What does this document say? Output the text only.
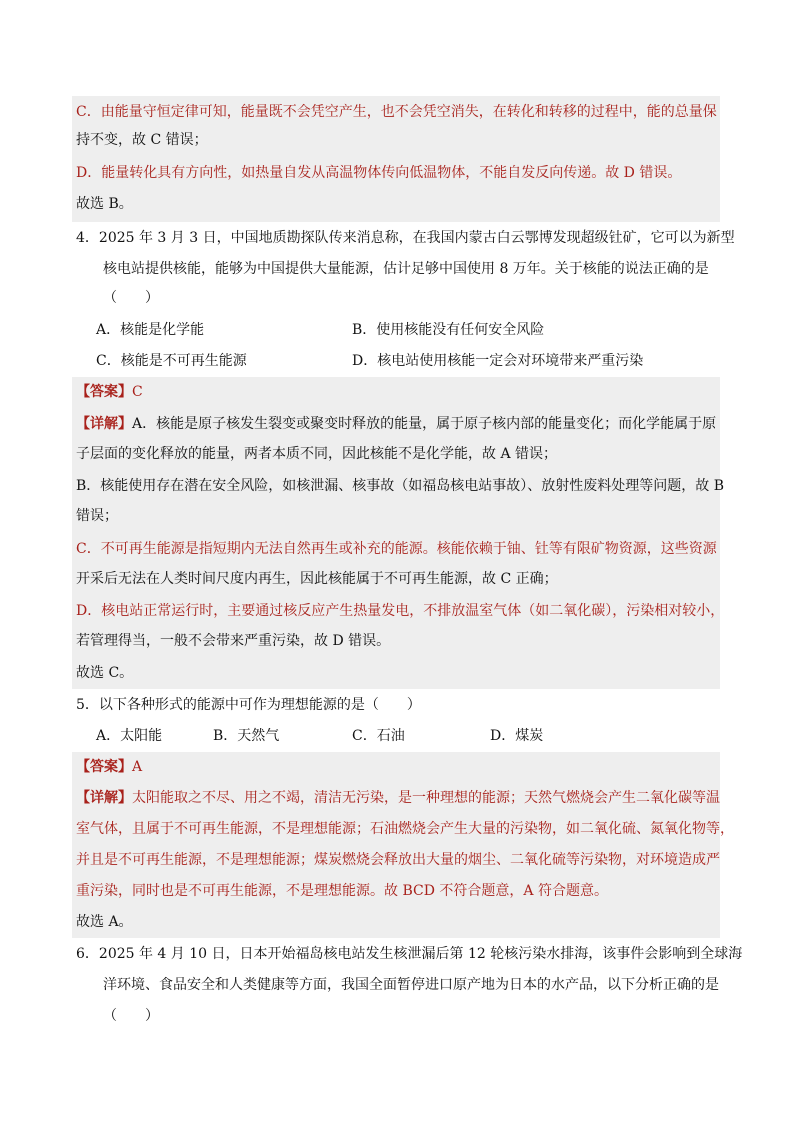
C．由能量守恒定律可知，能量既不会凭空产生，也不会凭空消失，在转化和转移的过程中，能的总量保
持不变，故 C 错误；
D．能量转化具有方向性，如热量自发从高温物体传向低温物体，不能自发反向传递。故 D 错误。
故选 B。
4．2025 年 3 月 3 日，中国地质勘探队传来消息称，在我国内蒙古白云鄂博发现超级钍矿，它可以为新型
核电站提供核能，能够为中国提供大量能源，估计足够中国使用 8 万年。关于核能的说法正确的是
（　　）
A．核能是化学能	B．使用核能没有任何安全风险
C．核能是不可再生能源	D．核电站使用核能一定会对环境带来严重污染
【答案】C
【详解】A．核能是原子核发生裂变或聚变时释放的能量，属于原子核内部的能量变化；而化学能属于原
子层面的变化释放的能量，两者本质不同，因此核能不是化学能，故 A 错误；
B．核能使用存在潜在安全风险，如核泄漏、核事故（如福岛核电站事故）、放射性废料处理等问题，故 B
错误；
C．不可再生能源是指短期内无法自然再生或补充的能源。核能依赖于铀、钍等有限矿物资源，这些资源
开采后无法在人类时间尺度内再生，因此核能属于不可再生能源，故 C 正确；
D．核电站正常运行时，主要通过核反应产生热量发电，不排放温室气体（如二氧化碳），污染相对较小，
若管理得当，一般不会带来严重污染，故 D 错误。
故选 C。
5．以下各种形式的能源中可作为理想能源的是（　　）
A．太阳能	B．天然气	C．石油	D．煤炭
【答案】A
【详解】太阳能取之不尽、用之不竭，清洁无污染，是一种理想的能源；天然气燃烧会产生二氧化碳等温
室气体，且属于不可再生能源，不是理想能源；石油燃烧会产生大量的污染物，如二氧化硫、氮氧化物等，
并且是不可再生能源，不是理想能源；煤炭燃烧会释放出大量的烟尘、二氧化硫等污染物，对环境造成严
重污染，同时也是不可再生能源，不是理想能源。故 BCD 不符合题意，A 符合题意。
故选 A。
6．2025 年 4 月 10 日，日本开始福岛核电站发生核泄漏后第 12 轮核污染水排海，该事件会影响到全球海
洋环境、食品安全和人类健康等方面，我国全面暂停进口原产地为日本的水产品，以下分析正确的是
（　　）
